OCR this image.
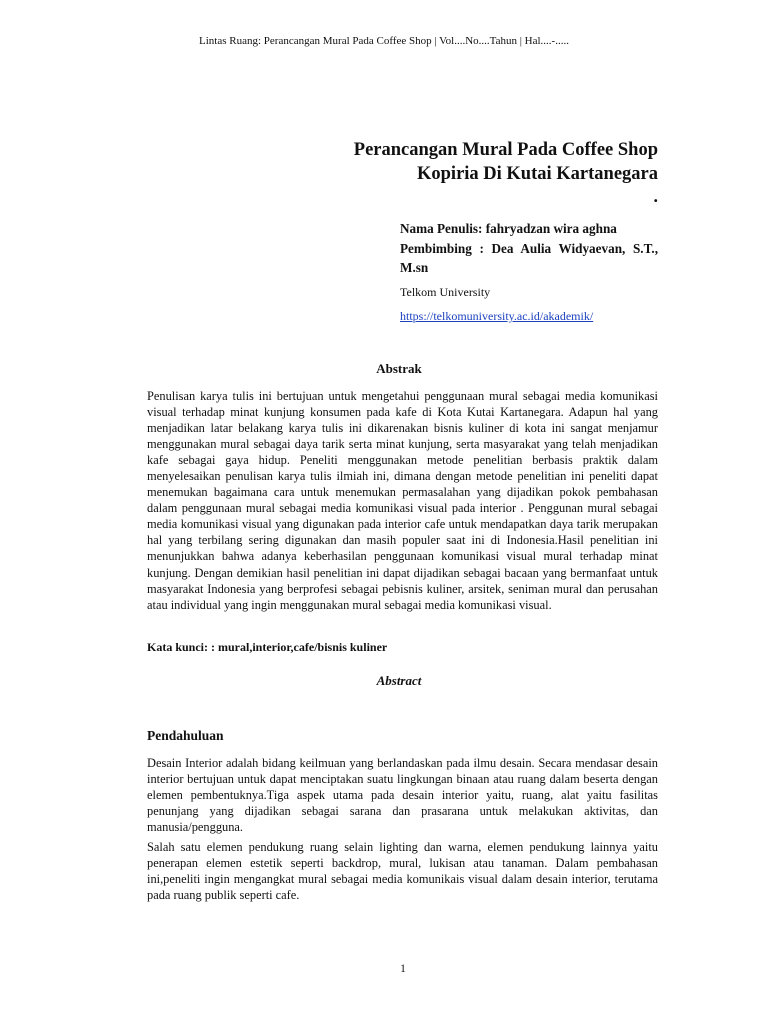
Lintas Ruang: Perancangan Mural Pada Coffee Shop | Vol....No....Tahun | Hal....-.....
Perancangan Mural Pada Coffee Shop
Kopiria Di Kutai Kartanegara
.
Nama Penulis: fahryadzan wira aghna
Pembimbing : Dea Aulia Widyaevan, S.T., M.sn
Telkom University
https://telkomuniversity.ac.id/akademik/
Abstrak

Penulisan karya tulis ini bertujuan untuk mengetahui penggunaan mural sebagai media komunikasi visual terhadap minat kunjung konsumen pada kafe di Kota Kutai Kartanegara. Adapun hal yang menjadikan latar belakang karya tulis ini dikarenakan bisnis kuliner di kota ini sangat menjamur menggunakan mural sebagai daya tarik serta minat kunjung, serta masyarakat yang telah menjadikan kafe sebagai gaya hidup. Peneliti menggunakan metode penelitian berbasis praktik dalam menyelesaikan penulisan karya tulis ilmiah ini, dimana dengan metode penelitian ini peneliti dapat menemukan bagaimana cara untuk menemukan permasalahan yang dijadikan pokok pembahasan dalam penggunaan mural sebagai media komunikasi visual pada interior . Penggunan mural sebagai media komunikasi visual yang digunakan pada interior cafe untuk mendapatkan daya tarik merupakan hal yang terbilang sering digunakan dan masih populer saat ini di Indonesia.Hasil penelitian ini menunjukkan bahwa adanya keberhasilan penggunaan komunikasi visual mural terhadap minat kunjung. Dengan demikian hasil penelitian ini dapat dijadikan sebagai bacaan yang bermanfaat untuk masyarakat Indonesia yang berprofesi sebagai pebisnis kuliner, arsitek, seniman mural dan perusahan atau individual yang ingin menggunakan mural sebagai media komunikasi visual.

Kata kunci: : mural,interior,cafe/bisnis kuliner
Abstract
Pendahuluan

Desain Interior adalah bidang keilmuan yang berlandaskan pada ilmu desain. Secara mendasar desain interior bertujuan untuk dapat menciptakan suatu lingkungan binaan atau ruang dalam beserta dengan elemen pembentuknya.Tiga aspek utama pada desain interior yaitu, ruang, alat yaitu fasilitas penunjang yang dijadikan sebagai sarana dan prasarana untuk melakukan aktivitas, dan manusia/pengguna.

Salah satu elemen pendukung ruang selain lighting dan warna, elemen pendukung lainnya yaitu penerapan elemen estetik seperti backdrop, mural, lukisan atau tanaman. Dalam pembahasan ini,peneliti ingin mengangkat mural sebagai media komunikais visual dalam desain interior, terutama pada ruang publik seperti cafe.

1
